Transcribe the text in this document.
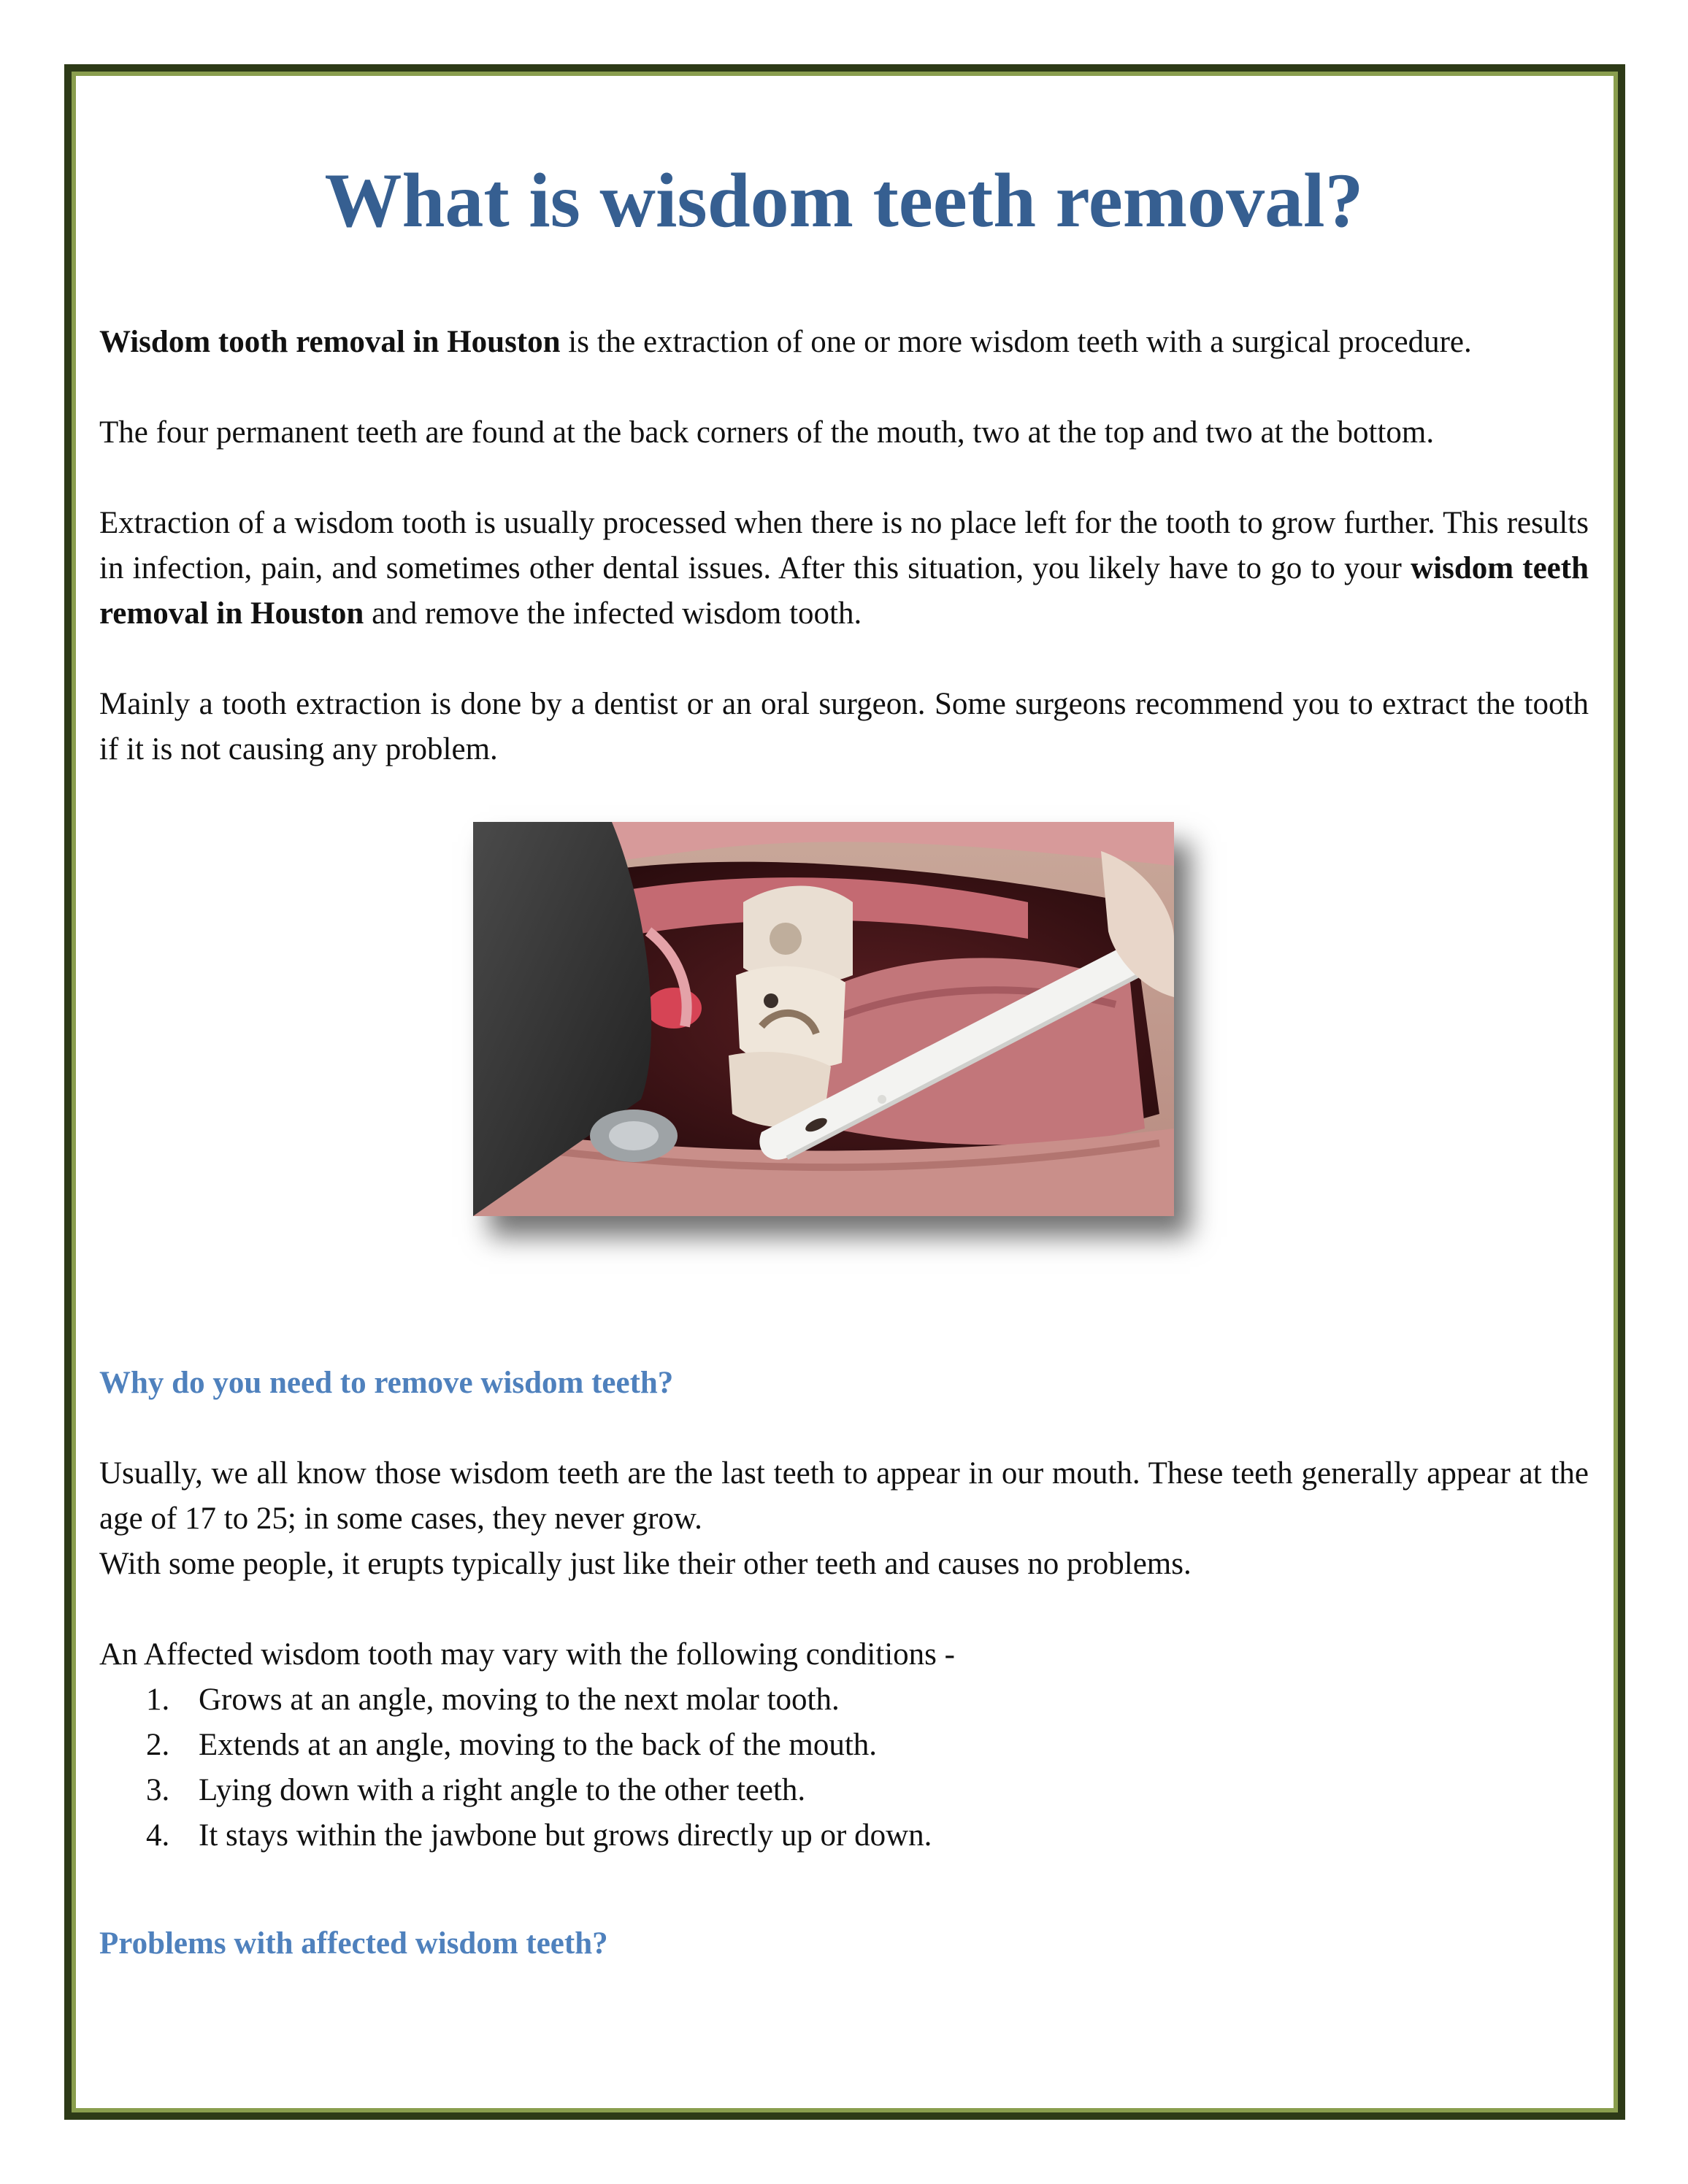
What is wisdom teeth removal?

Wisdom tooth removal in Houston is the extraction of one or more wisdom teeth with a surgical procedure.

The four permanent teeth are found at the back corners of the mouth, two at the top and two at the bottom.

Extraction of a wisdom tooth is usually processed when there is no place left for the tooth to grow further. This results in infection, pain, and sometimes other dental issues. After this situation, you likely have to go to your wisdom teeth removal in Houston and remove the infected wisdom tooth.

Mainly a tooth extraction is done by a dentist or an oral surgeon. Some surgeons recommend you to extract the tooth if it is not causing any problem.

Why do you need to remove wisdom teeth?

Usually, we all know those wisdom teeth are the last teeth to appear in our mouth. These teeth generally appear at the age of 17 to 25; in some cases, they never grow.
With some people, it erupts typically just like their other teeth and causes no problems.

An Affected wisdom tooth may vary with the following conditions -

1. Grows at an angle, moving to the next molar tooth.
2. Extends at an angle, moving to the back of the mouth.
3. Lying down with a right angle to the other teeth.
4. It stays within the jawbone but grows directly up or down.
Problems with affected wisdom teeth?
